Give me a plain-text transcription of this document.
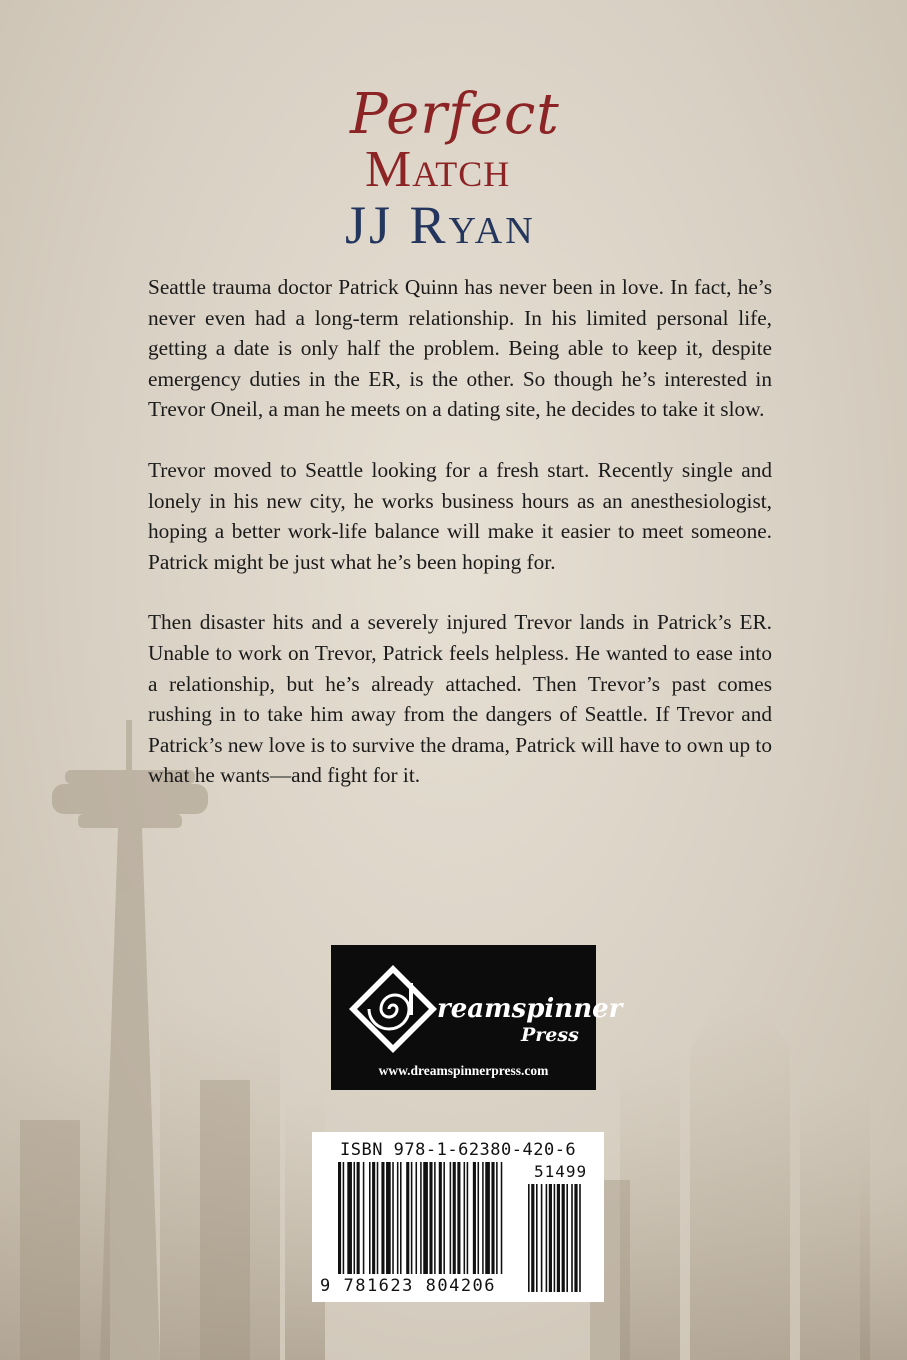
Perfect
Match
JJ Ryan

Seattle trauma doctor Patrick Quinn has never been in love. In fact, he’s never even had a long-term relationship. In his limited personal life, getting a date is only half the problem. Being able to keep it, despite emergency duties in the ER, is the other. So though he’s interested in Trevor Oneil, a man he meets on a dating site, he decides to take it slow.

Trevor moved to Seattle looking for a fresh start. Recently single and lonely in his new city, he works business hours as an anesthesiologist, hoping a better work-life balance will make it easier to meet someone. Patrick might be just what he’s been hoping for.

Then disaster hits and a severely injured Trevor lands in Patrick’s ER. Unable to work on Trevor, Patrick feels helpless. He wanted to ease into a relationship, but he’s already attached. Then Trevor’s past comes rushing in to take him away from the dangers of Seattle. If Trevor and Patrick’s new love is to survive the drama, Patrick will have to own up to what he wants—and fight for it.

reamspinner
Press
www.dreamspinnerpress.com
ISBN 978-1-62380-420-6
51499
9 781623 804206
